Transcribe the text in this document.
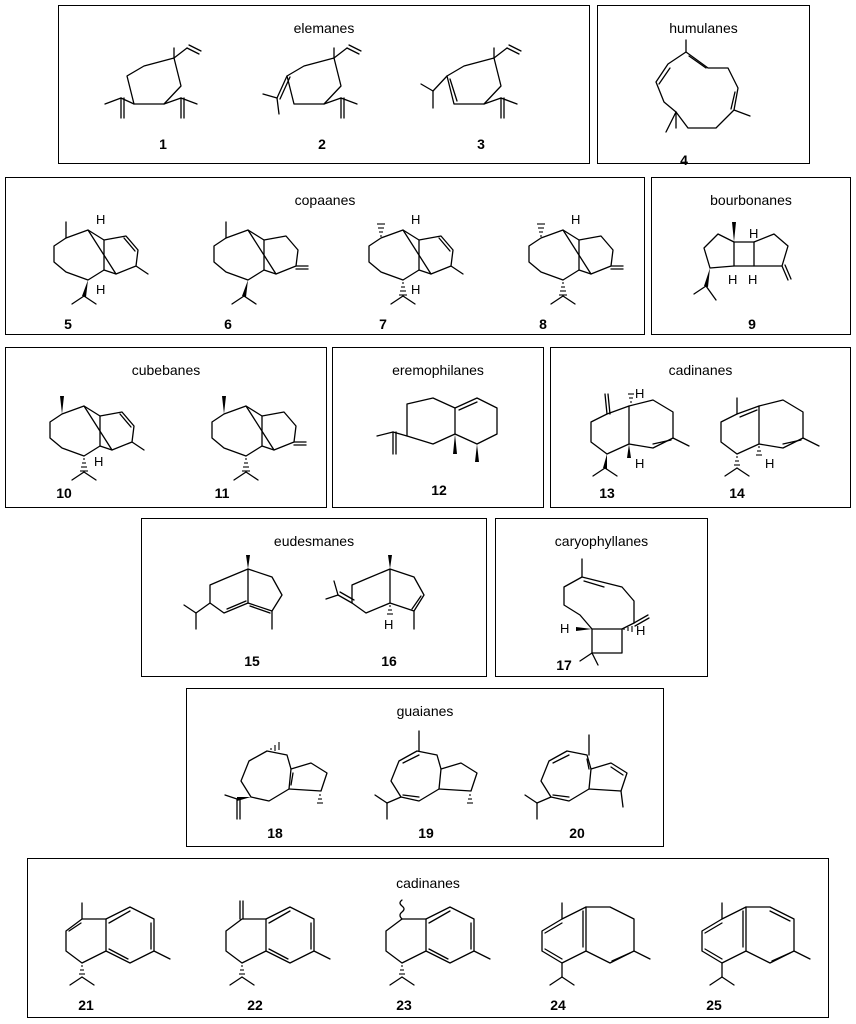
elemanes
1	2	3
humulanes
4
copaanes
H
H
5	6
H
H
7
H
8
bourbonanes
H
H H
9
cubebanes
H
10	11
eremophilanes
12
cadinanes
H
H
13
H
14
eudesmanes
15
H
16
caryophyllanes
H	H
17
guaianes
18	19	20
cadinanes
21	22	23	24	25
